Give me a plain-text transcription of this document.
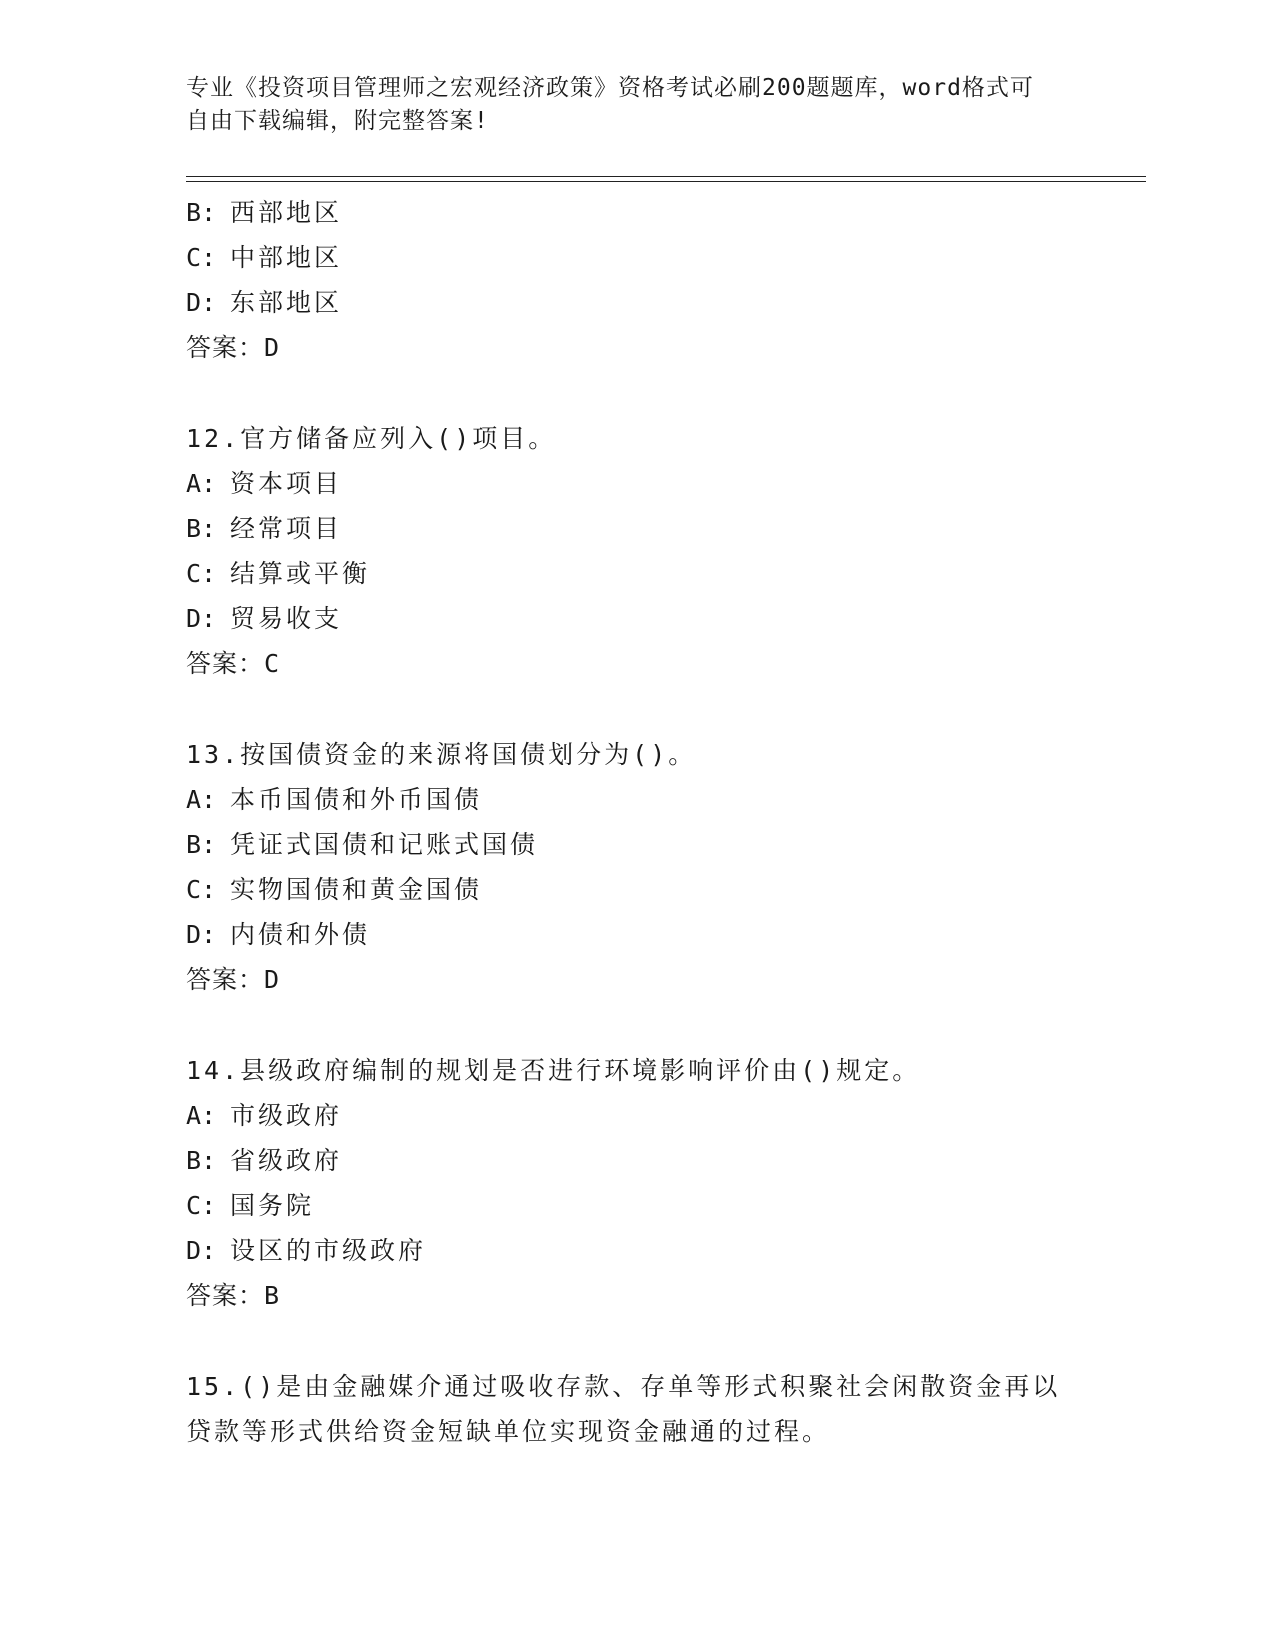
专业《投资项目管理师之宏观经济政策》资格考试必刷200题题库，word格式可
自由下载编辑，附完整答案!
B: 西部地区
C: 中部地区
D: 东部地区
答案：D
12.官方储备应列入()项目。
A: 资本项目
B: 经常项目
C: 结算或平衡
D: 贸易收支
答案：C
13.按国债资金的来源将国债划分为()。
A: 本币国债和外币国债
B: 凭证式国债和记账式国债
C: 实物国债和黄金国债
D: 内债和外债
答案：D
14.县级政府编制的规划是否进行环境影响评价由()规定。
A: 市级政府
B: 省级政府
C: 国务院
D: 设区的市级政府
答案：B
15.()是由金融媒介通过吸收存款、存单等形式积聚社会闲散资金再以
贷款等形式供给资金短缺单位实现资金融通的过程。
